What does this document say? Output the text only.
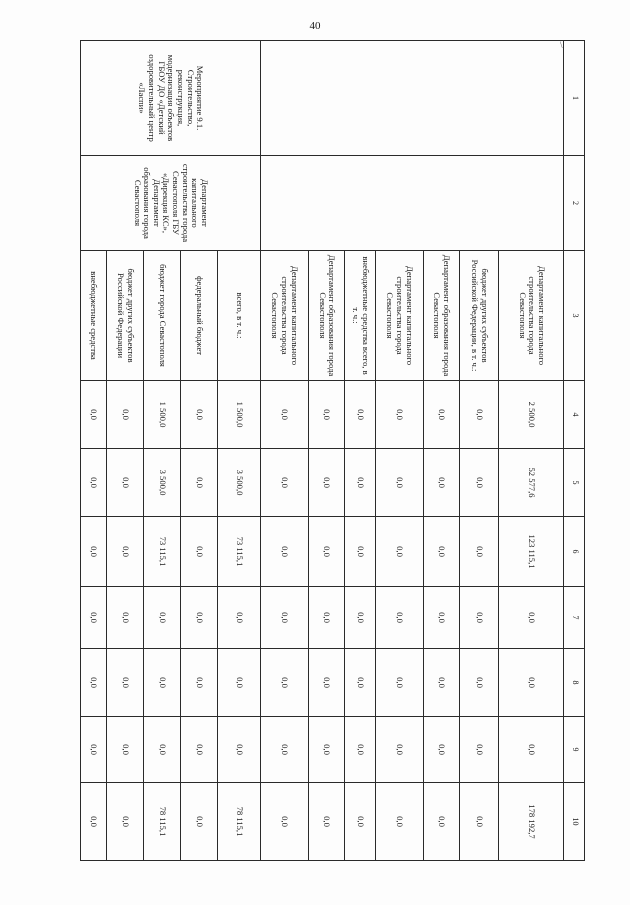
40
1	2	3	4	5	6	7	8	9	10
		Департамент капитального строительства города Севастополя	2 500,0	52 577,6	123 115,1	0,0	0,0	0,0	178 192,7
		бюджет других субъектов Российской Федерации, в т. ч.:	0,0	0,0	0,0	0,0	0,0	0,0	0,0
		Департамент образования города Севастополя	0,0	0,0	0,0	0,0	0,0	0,0	0,0
		Департамент капитального строительства города Севастополя	0,0	0,0	0,0	0,0	0,0	0,0	0,0
		внебюджетные средства всего, в т. ч.:	0,0	0,0	0,0	0,0	0,0	0,0	0,0
		Департамент образования города Севастополя	0,0	0,0	0,0	0,0	0,0	0,0	0,0
		Департамент капитального строительства города Севастополя	0,0	0,0	0,0	0,0	0,0	0,0	0,0
Мероприятие 9.1. Строительство, реконструкция, модернизация объектов ГБОУ ДО «Детский оздоровительный центр «Ласпи»	Департамент капитального строительства города Севастополя ГБУ «Дирекция КС», Департамент образования города Севастополя	всего, в т. ч.:	1 500,0	3 500,0	73 115,1	0,0	0,0	0,0	78 115,1
		федеральный бюджет	0,0	0,0	0,0	0,0	0,0	0,0	0,0
		бюджет города Севастополя	1 500,0	3 500,0	73 115,1	0,0	0,0	0,0	78 115,1
		бюджет других субъектов Российской Федерации	0,0	0,0	0,0	0,0	0,0	0,0	0,0
		внебюджетные средства	0,0	0,0	0,0	0,0	0,0	0,0	0,0
\
